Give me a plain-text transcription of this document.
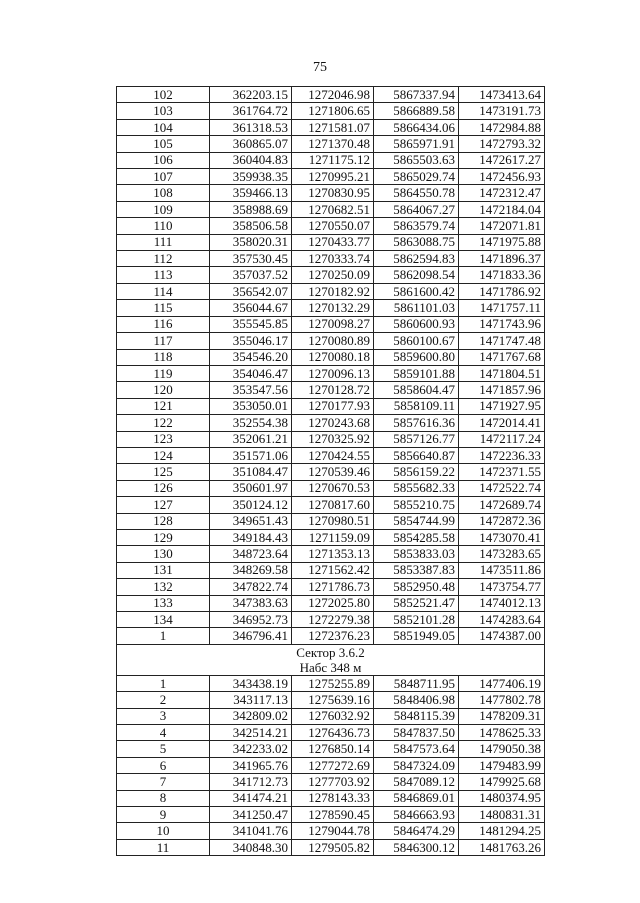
75
102	362203.15	1272046.98	5867337.94	1473413.64
103	361764.72	1271806.65	5866889.58	1473191.73
104	361318.53	1271581.07	5866434.06	1472984.88
105	360865.07	1271370.48	5865971.91	1472793.32
106	360404.83	1271175.12	5865503.63	1472617.27
107	359938.35	1270995.21	5865029.74	1472456.93
108	359466.13	1270830.95	5864550.78	1472312.47
109	358988.69	1270682.51	5864067.27	1472184.04
110	358506.58	1270550.07	5863579.74	1472071.81
111	358020.31	1270433.77	5863088.75	1471975.88
112	357530.45	1270333.74	5862594.83	1471896.37
113	357037.52	1270250.09	5862098.54	1471833.36
114	356542.07	1270182.92	5861600.42	1471786.92
115	356044.67	1270132.29	5861101.03	1471757.11
116	355545.85	1270098.27	5860600.93	1471743.96
117	355046.17	1270080.89	5860100.67	1471747.48
118	354546.20	1270080.18	5859600.80	1471767.68
119	354046.47	1270096.13	5859101.88	1471804.51
120	353547.56	1270128.72	5858604.47	1471857.96
121	353050.01	1270177.93	5858109.11	1471927.95
122	352554.38	1270243.68	5857616.36	1472014.41
123	352061.21	1270325.92	5857126.77	1472117.24
124	351571.06	1270424.55	5856640.87	1472236.33
125	351084.47	1270539.46	5856159.22	1472371.55
126	350601.97	1270670.53	5855682.33	1472522.74
127	350124.12	1270817.60	5855210.75	1472689.74
128	349651.43	1270980.51	5854744.99	1472872.36
129	349184.43	1271159.09	5854285.58	1473070.41
130	348723.64	1271353.13	5853833.03	1473283.65
131	348269.58	1271562.42	5853387.83	1473511.86
132	347822.74	1271786.73	5852950.48	1473754.77
133	347383.63	1272025.80	5852521.47	1474012.13
134	346952.73	1272279.38	5852101.28	1474283.64
1	346796.41	1272376.23	5851949.05	1474387.00

Сектор 3.6.2
Набс 348 м				

1	343438.19	1275255.89	5848711.95	1477406.19
2	343117.13	1275639.16	5848406.98	1477802.78
3	342809.02	1276032.92	5848115.39	1478209.31
4	342514.21	1276436.73	5847837.50	1478625.33
5	342233.02	1276850.14	5847573.64	1479050.38
6	341965.76	1277272.69	5847324.09	1479483.99
7	341712.73	1277703.92	5847089.12	1479925.68
8	341474.21	1278143.33	5846869.01	1480374.95
9	341250.47	1278590.45	5846663.93	1480831.31
10	341041.76	1279044.78	5846474.29	1481294.25
11	340848.30	1279505.82	5846300.12	1481763.26
